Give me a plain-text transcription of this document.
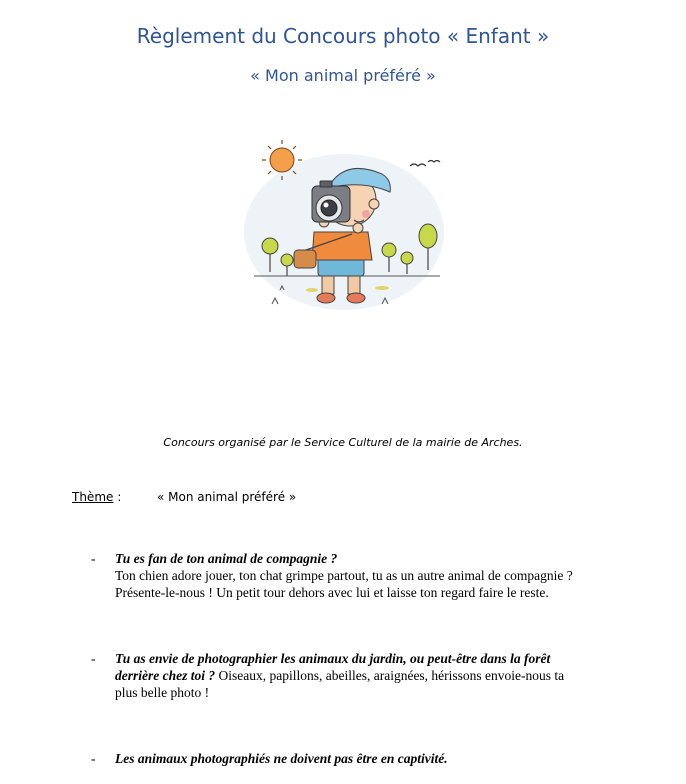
Règlement du Concours photo « Enfant »
« Mon animal préféré »
Concours organisé par le Service Culturel de la mairie de Arches.
Thème :	« Mon animal préféré »
- Tu es fan de ton animal de compagnie ?
Ton chien adore jouer, ton chat grimpe partout, tu as un autre animal de compagnie ?
Présente-le-nous ! Un petit tour dehors avec lui et laisse ton regard faire le reste.
- Tu as envie de photographier les animaux du jardin, ou peut-être dans la forêt
derrière chez toi ? Oiseaux, papillons, abeilles, araignées, hérissons envoie-nous ta
plus belle photo !
- Les animaux photographiés ne doivent pas être en captivité.
